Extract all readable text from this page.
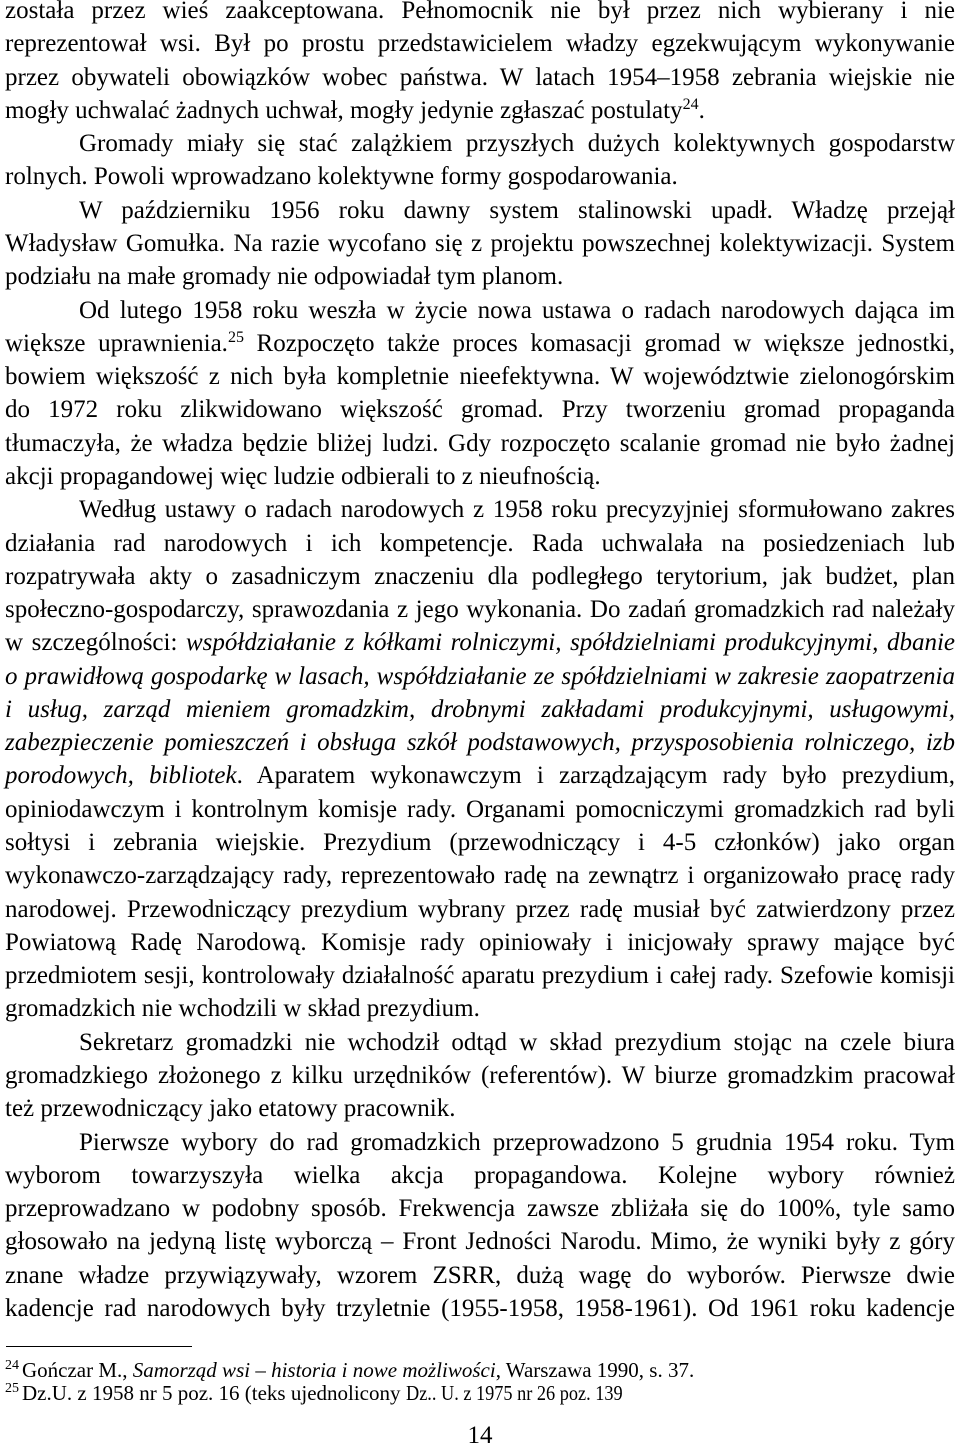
została przez wieś zaakceptowana. Pełnomocnik nie był przez nich wybierany i nie
reprezentował wsi. Był po prostu przedstawicielem władzy egzekwującym wykonywanie
przez obywateli obowiązków wobec państwa. W latach 1954–1958 zebrania wiejskie nie
mogły uchwalać żadnych uchwał, mogły jedynie zgłaszać postulaty$^{24}$.
Gromady miały się stać zalążkiem przyszłych dużych kolektywnych gospodarstw
rolnych. Powoli wprowadzano kolektywne formy gospodarowania.
W październiku 1956 roku dawny system stalinowski upadł. Władzę przejął
Władysław Gomułka. Na razie wycofano się z projektu powszechnej kolektywizacji. System
podziału na małe gromady nie odpowiadał tym planom.
Od lutego 1958 roku weszła w życie nowa ustawa o radach narodowych dająca im
większe uprawnienia.$^{25}$ Rozpoczęto także proces komasacji gromad w większe jednostki,
bowiem większość z nich była kompletnie nieefektywna. W województwie zielonogórskim
do 1972 roku zlikwidowano większość gromad. Przy tworzeniu gromad propaganda
tłumaczyła, że władza będzie bliżej ludzi. Gdy rozpoczęto scalanie gromad nie było żadnej
akcji propagandowej więc ludzie odbierali to z nieufnością.
Według ustawy o radach narodowych z 1958 roku precyzyjniej sformułowano zakres
działania rad narodowych i ich kompetencje. Rada uchwalała na posiedzeniach lub
rozpatrywała akty o zasadniczym znaczeniu dla podległego terytorium, jak budżet, plan
społeczno-gospodarczy, sprawozdania z jego wykonania. Do zadań gromadzkich rad należały
w szczególności: współdziałanie z kółkami rolniczymi, spółdzielniami produkcyjnymi, dbanie
o prawidłową gospodarkę w lasach, współdziałanie ze spółdzielniami w zakresie zaopatrzenia
i usług, zarząd mieniem gromadzkim, drobnymi zakładami produkcyjnymi, usługowymi,
zabezpieczenie pomieszczeń i obsługa szkół podstawowych, przysposobienia rolniczego, izb
porodowych, bibliotek. Aparatem wykonawczym i zarządzającym rady było prezydium,
opiniodawczym i kontrolnym komisje rady. Organami pomocniczymi gromadzkich rad byli
sołtysi i zebrania wiejskie. Prezydium (przewodniczący i 4-5 członków) jako organ
wykonawczo-zarządzający rady, reprezentowało radę na zewnątrz i organizowało pracę rady
narodowej. Przewodniczący prezydium wybrany przez radę musiał być zatwierdzony przez
Powiatową Radę Narodową. Komisje rady opiniowały i inicjowały sprawy mające być
przedmiotem sesji, kontrolowały działalność aparatu prezydium i całej rady. Szefowie komisji
gromadzkich nie wchodzili w skład prezydium.
Sekretarz gromadzki nie wchodził odtąd w skład prezydium stojąc na czele biura
gromadzkiego złożonego z kilku urzędników (referentów). W biurze gromadzkim pracował
też przewodniczący jako etatowy pracownik.
Pierwsze wybory do rad gromadzkich przeprowadzono 5 grudnia 1954 roku. Tym
wyborom towarzyszyła wielka akcja propagandowa. Kolejne wybory również
przeprowadzano w podobny sposób. Frekwencja zawsze zbliżała się do 100%, tyle samo
głosowało na jedyną listę wyborczą – Front Jedności Narodu. Mimo, że wyniki były z góry
znane władze przywiązywały, wzorem ZSRR, dużą wagę do wyborów. Pierwsze dwie
kadencje rad narodowych były trzyletnie (1955-1958, 1958-1961). Od 1961 roku kadencje
$^{24}$ Gończar M., Samorząd wsi – historia i nowe możliwości, Warszawa 1990, s. 37.
$^{25}$ Dz.U. z 1958 nr 5 poz. 16 (teks ujednolicony Dz.. U. z 1975 nr 26 poz. 139
14
